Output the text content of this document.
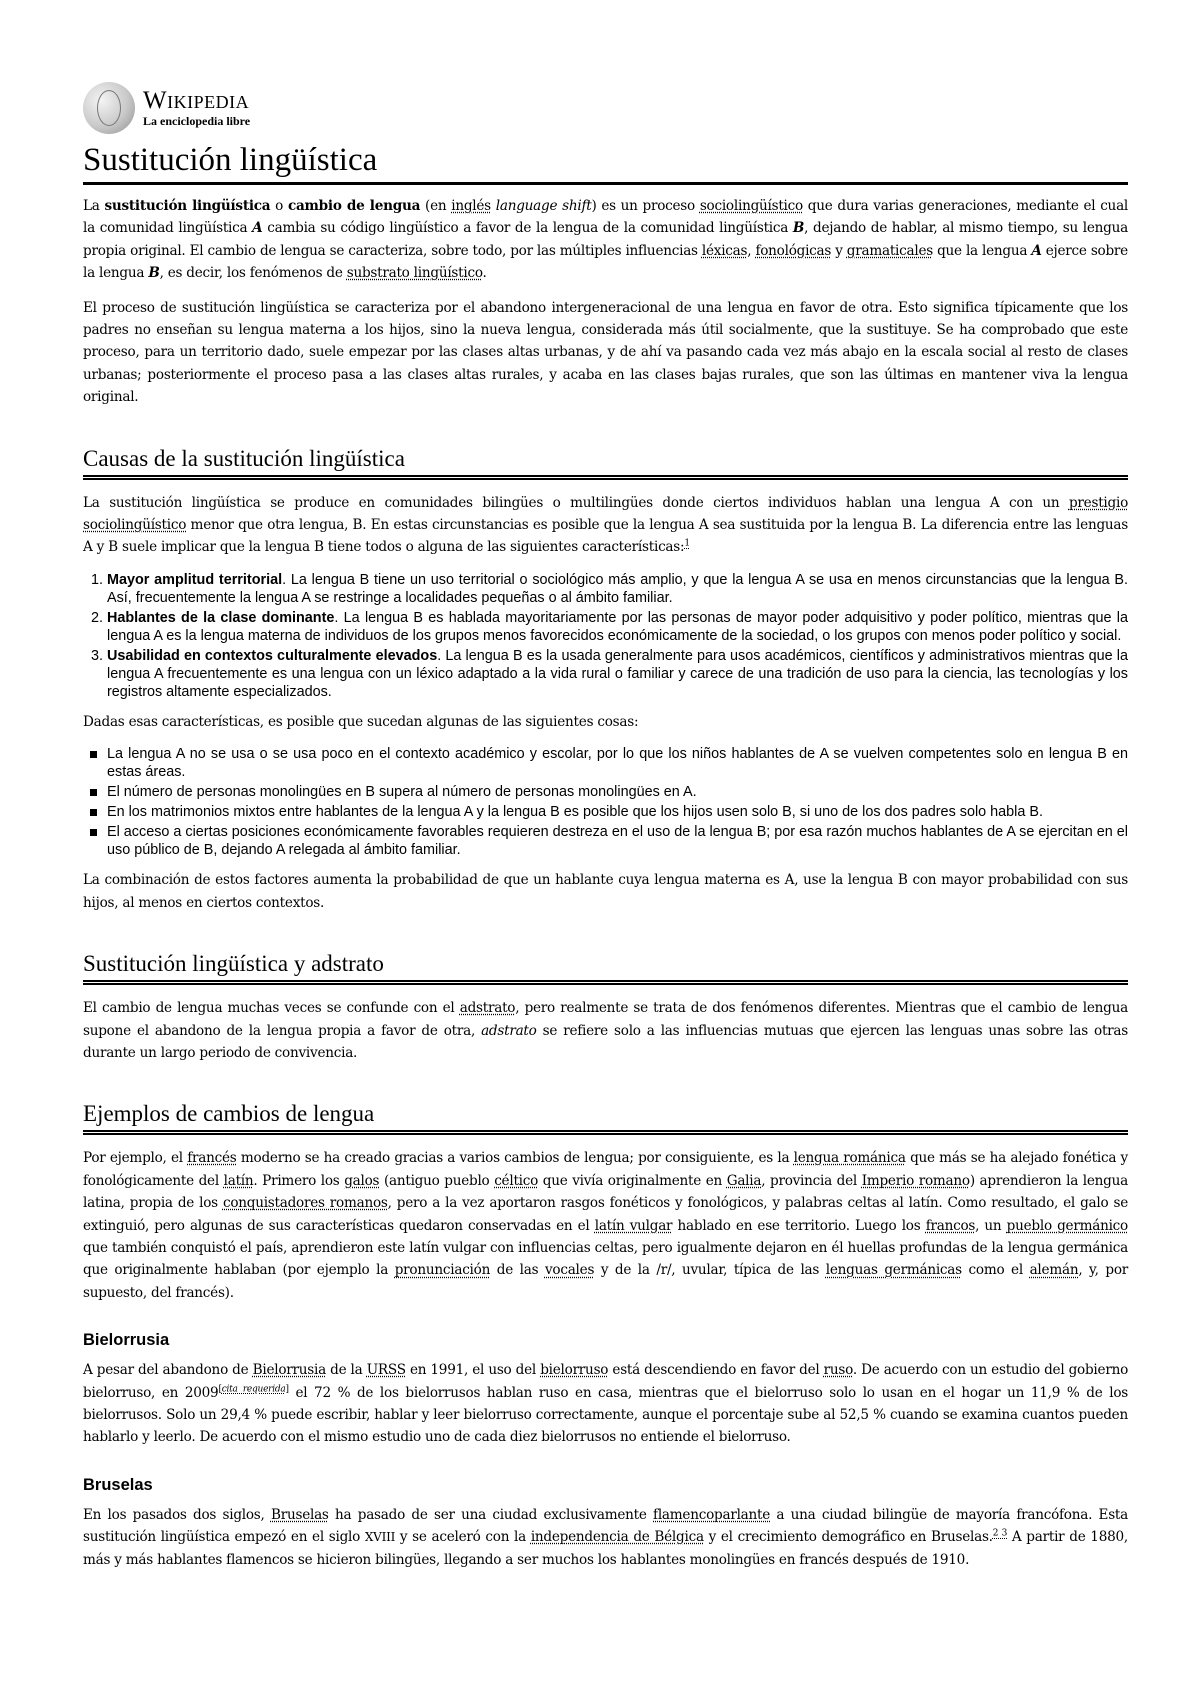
Wikipedia
La enciclopedia libre
Sustitución lingüística

La sustitución lingüística o cambio de lengua (en inglés language shift) es un proceso sociolingüístico que dura varias generaciones, mediante el cual la comunidad lingüística A cambia su código lingüístico a favor de la lengua de la comunidad lingüística B, dejando de hablar, al mismo tiempo, su lengua propia original. El cambio de lengua se caracteriza, sobre todo, por las múltiples influencias léxicas, fonológicas y gramaticales que la lengua A ejerce sobre la lengua B, es decir, los fenómenos de substrato lingüístico.

El proceso de sustitución lingüística se caracteriza por el abandono intergeneracional de una lengua en favor de otra. Esto significa típicamente que los padres no enseñan su lengua materna a los hijos, sino la nueva lengua, considerada más útil socialmente, que la sustituye. Se ha comprobado que este proceso, para un territorio dado, suele empezar por las clases altas urbanas, y de ahí va pasando cada vez más abajo en la escala social al resto de clases urbanas; posteriormente el proceso pasa a las clases altas rurales, y acaba en las clases bajas rurales, que son las últimas en mantener viva la lengua original.

Causas de la sustitución lingüística

La sustitución lingüística se produce en comunidades bilingües o multilingües donde ciertos individuos hablan una lengua A con un prestigio sociolingüístico menor que otra lengua, B. En estas circunstancias es posible que la lengua A sea sustituida por la lengua B. La diferencia entre las lenguas A y B suele implicar que la lengua B tiene todos o alguna de las siguientes características:$^1$

1. Mayor amplitud territorial. La lengua B tiene un uso territorial o sociológico más amplio, y que la lengua A se usa en menos circunstancias que la lengua B. Así, frecuentemente la lengua A se restringe a localidades pequeñas o al ámbito familiar.
2. Hablantes de la clase dominante. La lengua B es hablada mayoritariamente por las personas de mayor poder adquisitivo y poder político, mientras que la lengua A es la lengua materna de individuos de los grupos menos favorecidos económicamente de la sociedad, o los grupos con menos poder político y social.
3. Usabilidad en contextos culturalmente elevados. La lengua B es la usada generalmente para usos académicos, científicos y administrativos mientras que la lengua A frecuentemente es una lengua con un léxico adaptado a la vida rural o familiar y carece de una tradición de uso para la ciencia, las tecnologías y los registros altamente especializados.

Dadas esas características, es posible que sucedan algunas de las siguientes cosas:

La lengua A no se usa o se usa poco en el contexto académico y escolar, por lo que los niños hablantes de A se vuelven competentes solo en lengua B en estas áreas.
El número de personas monolingües en B supera al número de personas monolingües en A.
En los matrimonios mixtos entre hablantes de la lengua A y la lengua B es posible que los hijos usen solo B, si uno de los dos padres solo habla B.
El acceso a ciertas posiciones económicamente favorables requieren destreza en el uso de la lengua B; por esa razón muchos hablantes de A se ejercitan en el uso público de B, dejando A relegada al ámbito familiar.

La combinación de estos factores aumenta la probabilidad de que un hablante cuya lengua materna es A, use la lengua B con mayor probabilidad con sus hijos, al menos en ciertos contextos.

Sustitución lingüística y adstrato

El cambio de lengua muchas veces se confunde con el adstrato, pero realmente se trata de dos fenómenos diferentes. Mientras que el cambio de lengua supone el abandono de la lengua propia a favor de otra, adstrato se refiere solo a las influencias mutuas que ejercen las lenguas unas sobre las otras durante un largo periodo de convivencia.

Ejemplos de cambios de lengua

Por ejemplo, el francés moderno se ha creado gracias a varios cambios de lengua; por consiguiente, es la lengua románica que más se ha alejado fonética y fonológicamente del latín. Primero los galos (antiguo pueblo céltico que vivía originalmente en Galia, provincia del Imperio romano) aprendieron la lengua latina, propia de los conquistadores romanos, pero a la vez aportaron rasgos fonéticos y fonológicos, y palabras celtas al latín. Como resultado, el galo se extinguió, pero algunas de sus características quedaron conservadas en el latín vulgar hablado en ese territorio. Luego los francos, un pueblo germánico que también conquistó el país, aprendieron este latín vulgar con influencias celtas, pero igualmente dejaron en él huellas profundas de la lengua germánica que originalmente hablaban (por ejemplo la pronunciación de las vocales y de la /r/, uvular, típica de las lenguas germánicas como el alemán, y, por supuesto, del francés).

Bielorrusia

A pesar del abandono de Bielorrusia de la URSS en 1991, el uso del bielorruso está descendiendo en favor del ruso. De acuerdo con un estudio del gobierno bielorruso, en 2009[cita requerida] el 72 % de los bielorrusos hablan ruso en casa, mientras que el bielorruso solo lo usan en el hogar un 11,9 % de los bielorrusos. Solo un 29,4 % puede escribir, hablar y leer bielorruso correctamente, aunque el porcentaje sube al 52,5 % cuando se examina cuantos pueden hablarlo y leerlo. De acuerdo con el mismo estudio uno de cada diez bielorrusos no entiende el bielorruso.

Bruselas

En los pasados dos siglos, Bruselas ha pasado de ser una ciudad exclusivamente flamencoparlante a una ciudad bilingüe de mayoría francófona. Esta sustitución lingüística empezó en el siglo XVIII y se aceleró con la independencia de Bélgica y el crecimiento demográfico en Bruselas.$^{2 3}$ A partir de 1880, más y más hablantes flamencos se hicieron bilingües, llegando a ser muchos los hablantes monolingües en francés después de 1910.
